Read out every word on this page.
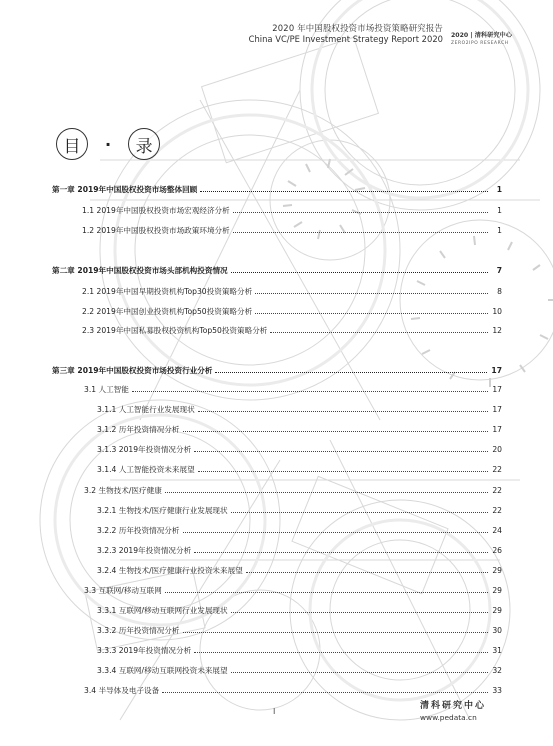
2020 年中国股权投资市场投资策略研究报告
China VC/PE Investment Strategy Report 2020 2020 | 清科研究中心
ZERO2IPO RESEARCH
目	·	录
第一章 2019年中国股权投资市场整体回顾	1
1.1 2019年中国股权投资市场宏观经济分析	1
1.2 2019年中国股权投资市场政策环境分析	1
第二章 2019年中国股权投资市场头部机构投资情况	7
2.1 2019年中国早期投资机构Top30投资策略分析	8
2.2 2019年中国创业投资机构Top50投资策略分析	10
2.3 2019年中国私募股权投资机构Top50投资策略分析	12
第三章 2019年中国股权投资市场投资行业分析	17
3.1 人工智能	17
3.1.1 人工智能行业发展现状	17
3.1.2 历年投资情况分析	17
3.1.3 2019年投资情况分析	20
3.1.4 人工智能投资未来展望	22
3.2 生物技术/医疗健康	22
3.2.1 生物技术/医疗健康行业发展现状	22
3.2.2 历年投资情况分析	24
3.2.3 2019年投资情况分析	26
3.2.4 生物技术/医疗健康行业投资未来展望	29
3.3 互联网/移动互联网	29
3.3.1 互联网/移动互联网行业发展现状	29
3.3.2 历年投资情况分析	30
3.3.3 2019年投资情况分析	31
3.3.4 互联网/移动互联网投资未来展望	32
3.4 半导体及电子设备	33
I
清科研究中心
www.pedata.cn
